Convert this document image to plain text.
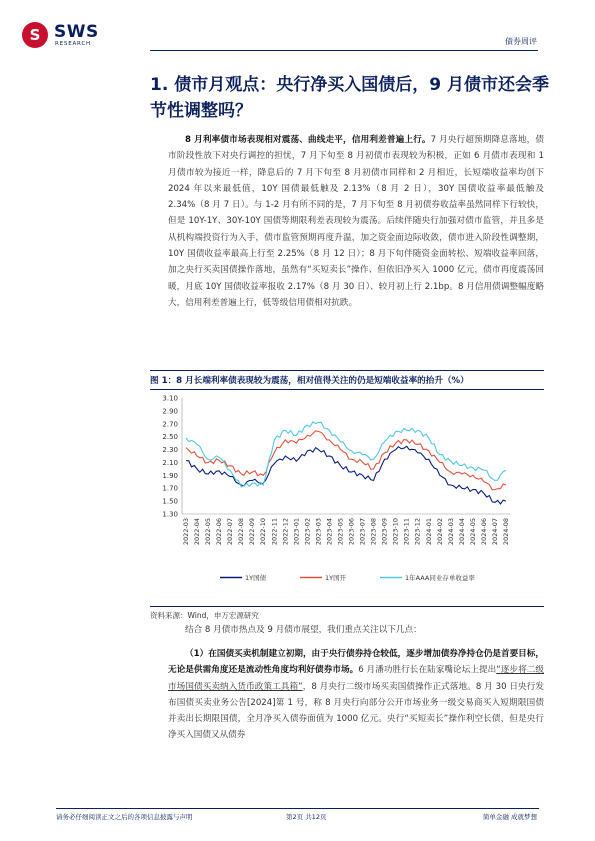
S SWS
RESEARCH	债券周评
1. 债市月观点：央行净买入国债后，9 月债市还会季节性调整吗？

8 月利率债市场表现相对震荡、曲线走平，信用利差普遍上行。7 月央行超预期降息落地，债市阶段性放下对央行调控的担忧，7 月下旬至 8 月初债市表现较为积极，正如 6 月债市表现和 1 月债市较为接近一样，降息后的 7 月下旬至 8 月初债市同样和 2 月相近，长短端收益率均创下 2024 年以来最低值，10Y 国债最低触及 2.13%（8 月 2 日），30Y 国债收益率最低触及 2.34%（8 月 7 日）。与 1-2 月有所不同的是，7 月下旬至 8 月初债券收益率虽然同样下行较快，但是 10Y-1Y、30Y-10Y 国债等期限利差表现较为震荡。后续伴随央行加强对债市监管，并且多是从机构端投资行为入手，债市监管预期再度升温，加之资金面边际收敛，债市进入阶段性调整期，10Y 国债收益率最高上行至 2.25%（8 月 12 日）；8 月下旬伴随资金面转松、短端收益率回落，加之央行买卖国债操作落地，虽然有“买短卖长”操作、但依旧净买入 1000 亿元，债市再度震荡回暖，月底 10Y 国债收益率报收 2.17%（8 月 30 日）、较月初上行 2.1bp。8 月信用债调整幅度略大，信用利差普遍上行，低等级信用债相对抗跌。

图 1：8 月长端利率债表现较为震荡，相对值得关注的仍是短端收益率的抬升（%）
1.30
1.50
1.70
1.90
2.10
2.30
2.50
2.70
2.90
3.10
2022-03 2022-04 2022-05 2022-06 2022-07 2022-08 2022-09 2022-10 2022-11 2022-12 2023-01 2023-02 2023-03 2023-04 2023-05 2023-06 2023-07 2023-08 2023-09 2023-10 2023-11 2023-12 2024-01 2024-02 2024-03 2024-04 2024-05 2024-06 2024-07 2024-08
1Y国债	1Y国开	1年AAA同业存单收益率
资料来源：Wind，申万宏源研究

结合 8 月债市热点及 9 月债市展望，我们重点关注以下几点：

（1）在国债买卖机制建立初期，由于央行债券持仓较低，逐步增加债券净持仓仍是首要目标，无论是供需角度还是流动性角度均利好债券市场。6 月潘功胜行长在陆家嘴论坛上提出“逐步将二级市场国债买卖纳入货币政策工具箱”，8 月央行二级市场买卖国债操作正式落地。8 月 30 日央行发布国债买卖业务公告[2024]第 1 号，称 8 月央行向部分公开市场业务一级交易商买入短期限国债并卖出长期限国债，全月净买入债券面值为 1000 亿元。央行“买短卖长”操作利空长债，但是央行净买入国债又从债券

请务必仔细阅读正文之后的各项信息披露与声明	第2页 共12页	简单金融 成就梦想
